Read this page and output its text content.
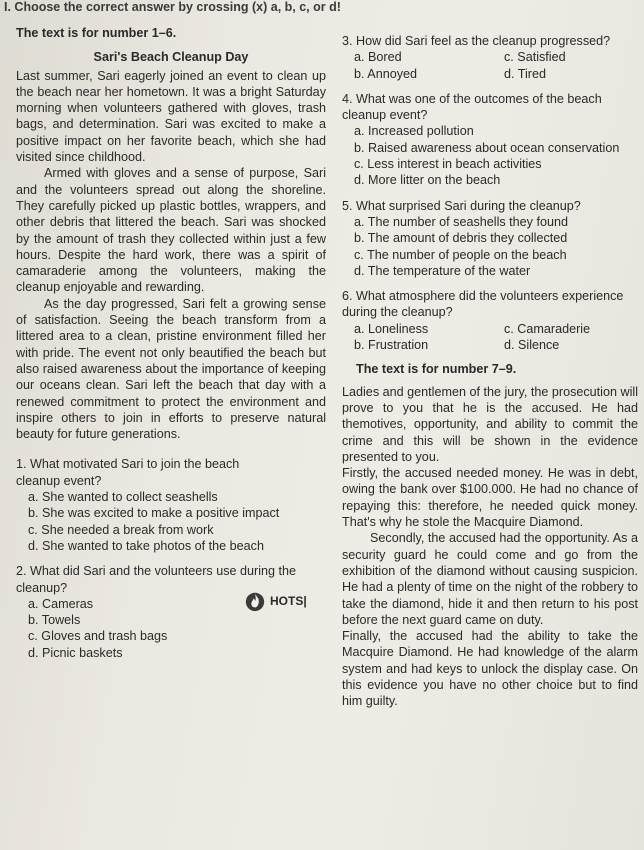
I. Choose the correct answer by crossing (x) a, b, c, or d!
The text is for number 1–6.
Sari's Beach Cleanup Day

Last summer, Sari eagerly joined an event to clean up the beach near her hometown. It was a bright Saturday morning when volunteers gathered with gloves, trash bags, and determination. Sari was excited to make a positive impact on her favorite beach, which she had visited since childhood.

Armed with gloves and a sense of purpose, Sari and the volunteers spread out along the shoreline. They carefully picked up plastic bottles, wrappers, and other debris that littered the beach. Sari was shocked by the amount of trash they collected within just a few hours. Despite the hard work, there was a spirit of camaraderie among the volunteers, making the cleanup enjoyable and rewarding.

As the day progressed, Sari felt a growing sense of satisfaction. Seeing the beach transform from a littered area to a clean, pristine environment filled her with pride. The event not only beautified the beach but also raised awareness about the importance of keeping our oceans clean. Sari left the beach that day with a renewed commitment to protect the environment and inspire others to join in efforts to preserve natural beauty for future generations.

1. What motivated Sari to join the beach cleanup event?
a. She wanted to collect seashells
b. She was excited to make a positive impact
c. She needed a break from work
d. She wanted to take photos of the beach
2. What did Sari and the volunteers use during the cleanup?
a. Cameras
b. Towels
c. Gloves and trash bags
d. Picnic baskets
HOTS|
3. How did Sari feel as the cleanup progressed?
a. Bored	c. Satisfied
b. Annoyed	d. Tired
4. What was one of the outcomes of the beach cleanup event?
a. Increased pollution
b. Raised awareness about ocean conservation
c. Less interest in beach activities
d. More litter on the beach
5. What surprised Sari during the cleanup?
a. The number of seashells they found
b. The amount of debris they collected
c. The number of people on the beach
d. The temperature of the water
6. What atmosphere did the volunteers experience during the cleanup?
a. Loneliness	c. Camaraderie
b. Frustration	d. Silence
The text is for number 7–9.

Ladies and gentlemen of the jury, the prosecution will prove to you that he is the accused. He had themotives, opportunity, and ability to commit the crime and this will be shown in the evidence presented to you.

Firstly, the accused needed money. He was in debt, owing the bank over $100.000. He had no chance of repaying this: therefore, he needed quick money. That's why he stole the Macquire Diamond.

Secondly, the accused had the opportunity. As a security guard he could come and go from the exhibition of the diamond without causing suspicion. He had a plenty of time on the night of the robbery to take the diamond, hide it and then return to his post before the next guard came on duty.

Finally, the accused had the ability to take the Macquire Diamond. He had knowledge of the alarm system and had keys to unlock the display case. On this evidence you have no other choice but to find him guilty.
